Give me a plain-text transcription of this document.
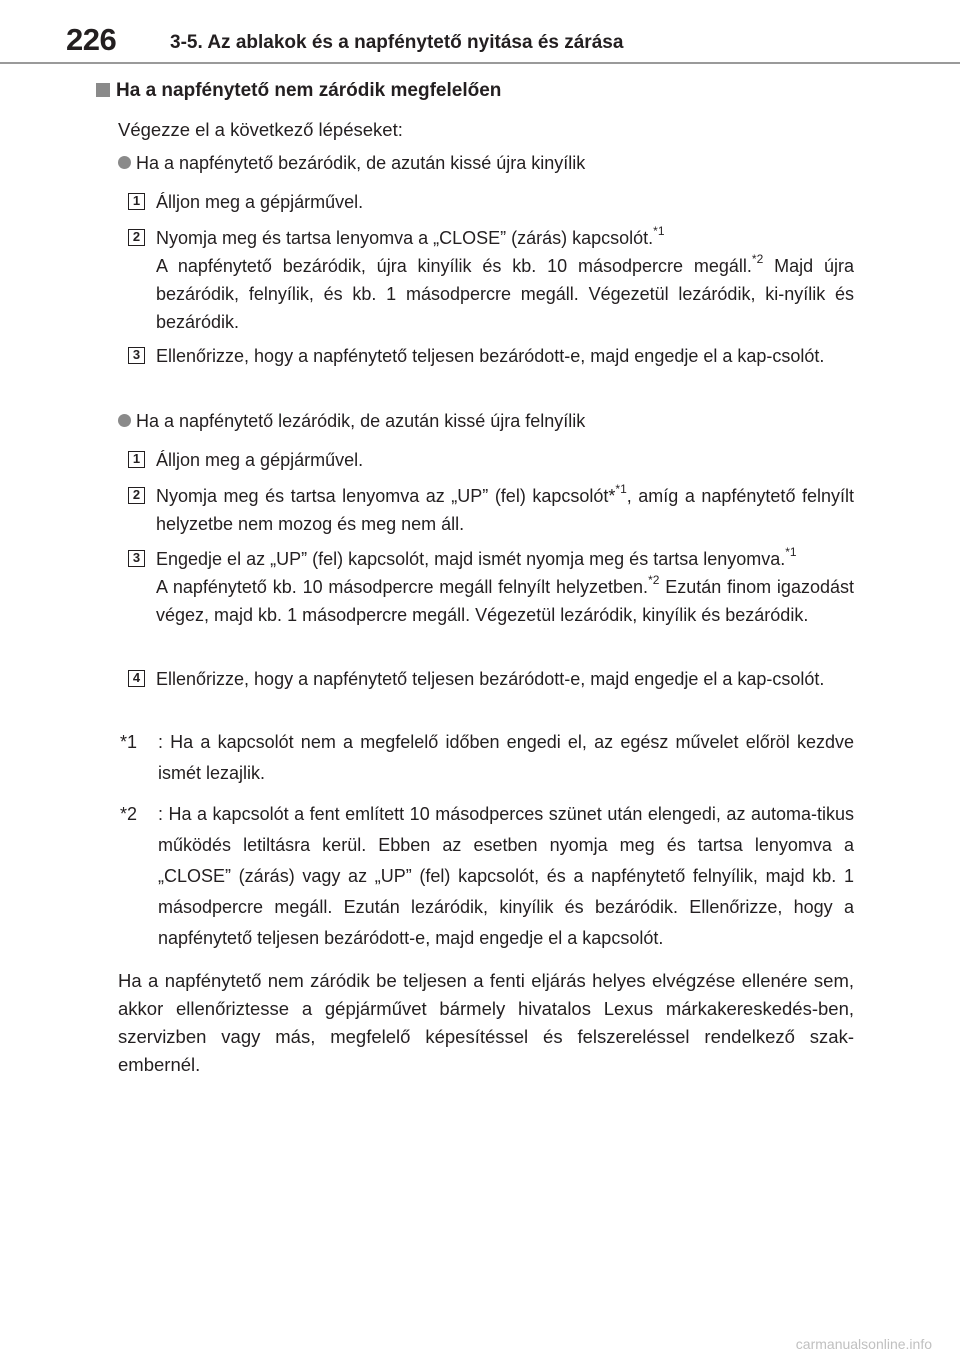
226	3-5. Az ablakok és a napfénytető nyitása és zárása
Ha a napfénytető nem záródik megfelelően
Végezze el a következő lépéseket:
Ha a napfénytető bezáródik, de azután kissé újra kinyílik
1 Álljon meg a gépjárművel.
2 Nyomja meg és tartsa lenyomva a „CLOSE” (zárás) kapcsolót.$^{*1}$
A napfénytető bezáródik, újra kinyílik és kb. 10 másodpercre megáll.$^{*2}$ Majd újra bezáródik, felnyílik, és kb. 1 másodpercre megáll. Végezetül lezáródik, ki-nyílik és bezáródik.
3 Ellenőrizze, hogy a napfénytető teljesen bezáródott-e, majd engedje el a kap-csolót.
Ha a napfénytető lezáródik, de azután kissé újra felnyílik
1 Álljon meg a gépjárművel.
2 Nyomja meg és tartsa lenyomva az „UP” (fel) kapcsolót*$^{*1}$, amíg a napfénytető felnyílt helyzetbe nem mozog és meg nem áll.
3 Engedje el az „UP” (fel) kapcsolót, majd ismét nyomja meg és tartsa lenyomva.$^{*1}$
A napfénytető kb. 10 másodpercre megáll felnyílt helyzetben.$^{*2}$ Ezután finom igazodást végez, majd kb. 1 másodpercre megáll. Végezetül lezáródik, kinyílik és bezáródik.
4 Ellenőrizze, hogy a napfénytető teljesen bezáródott-e, majd engedje el a kap-csolót.
*1 : Ha a kapcsolót nem a megfelelő időben engedi el, az egész művelet előröl kezdve ismét lezajlik.
*2 : Ha a kapcsolót a fent említett 10 másodperces szünet után elengedi, az automa-tikus működés letiltásra kerül. Ebben az esetben nyomja meg és tartsa lenyomva a „CLOSE” (zárás) vagy az „UP” (fel) kapcsolót, és a napfénytető felnyílik, majd kb. 1 másodpercre megáll. Ezután lezáródik, kinyílik és bezáródik. Ellenőrizze, hogy a napfénytető teljesen bezáródott-e, majd engedje el a kapcsolót.
Ha a napfénytető nem záródik be teljesen a fenti eljárás helyes elvégzése ellenére sem, akkor ellenőriztesse a gépjárművet bármely hivatalos Lexus márkakereskedés-ben, szervizben vagy más, megfelelő képesítéssel és felszereléssel rendelkező szak-embernél.
carmanualsonline.info
